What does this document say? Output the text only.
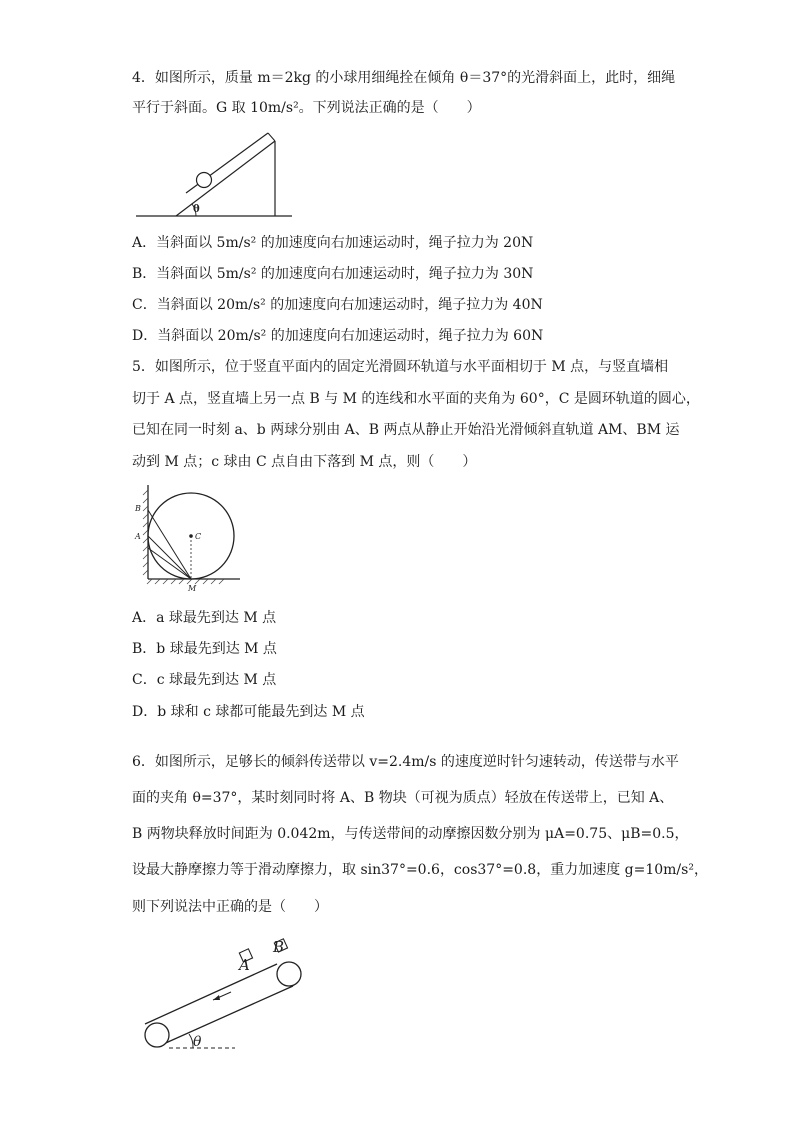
4．如图所示，质量 m＝2kg 的小球用细绳拴在倾角 θ＝37°的光滑斜面上，此时，细绳
平行于斜面。G 取 10m/s²。下列说法正确的是（　　）
θ
A．当斜面以 5m/s² 的加速度向右加速运动时，绳子拉力为 20N
B．当斜面以 5m/s² 的加速度向右加速运动时，绳子拉力为 30N
C．当斜面以 20m/s² 的加速度向右加速运动时，绳子拉力为 40N
D．当斜面以 20m/s² 的加速度向右加速运动时，绳子拉力为 60N
5．如图所示，位于竖直平面内的固定光滑圆环轨道与水平面相切于 M 点，与竖直墙相
切于 A 点，竖直墙上另一点 B 与 M 的连线和水平面的夹角为 60°，C 是圆环轨道的圆心，
已知在同一时刻 a、b 两球分别由 A、B 两点从静止开始沿光滑倾斜直轨道 AM、BM 运
动到 M 点；c 球由 C 点自由下落到 M 点，则（　　）
B
A	C
M
A．a 球最先到达 M 点
B．b 球最先到达 M 点
C．c 球最先到达 M 点
D．b 球和 c 球都可能最先到达 M 点
6．如图所示，足够长的倾斜传送带以 v=2.4m/s 的速度逆时针匀速转动，传送带与水平
面的夹角 θ=37°，某时刻同时将 A、B 物块（可视为质点）轻放在传送带上，已知 A、
B 两物块释放时间距为 0.042m，与传送带间的动摩擦因数分别为 μA=0.75、μB=0.5，
设最大静摩擦力等于滑动摩擦力，取 sin37°=0.6，cos37°=0.8，重力加速度 g=10m/s²，
则下列说法中正确的是（　　）
A
B
θ
